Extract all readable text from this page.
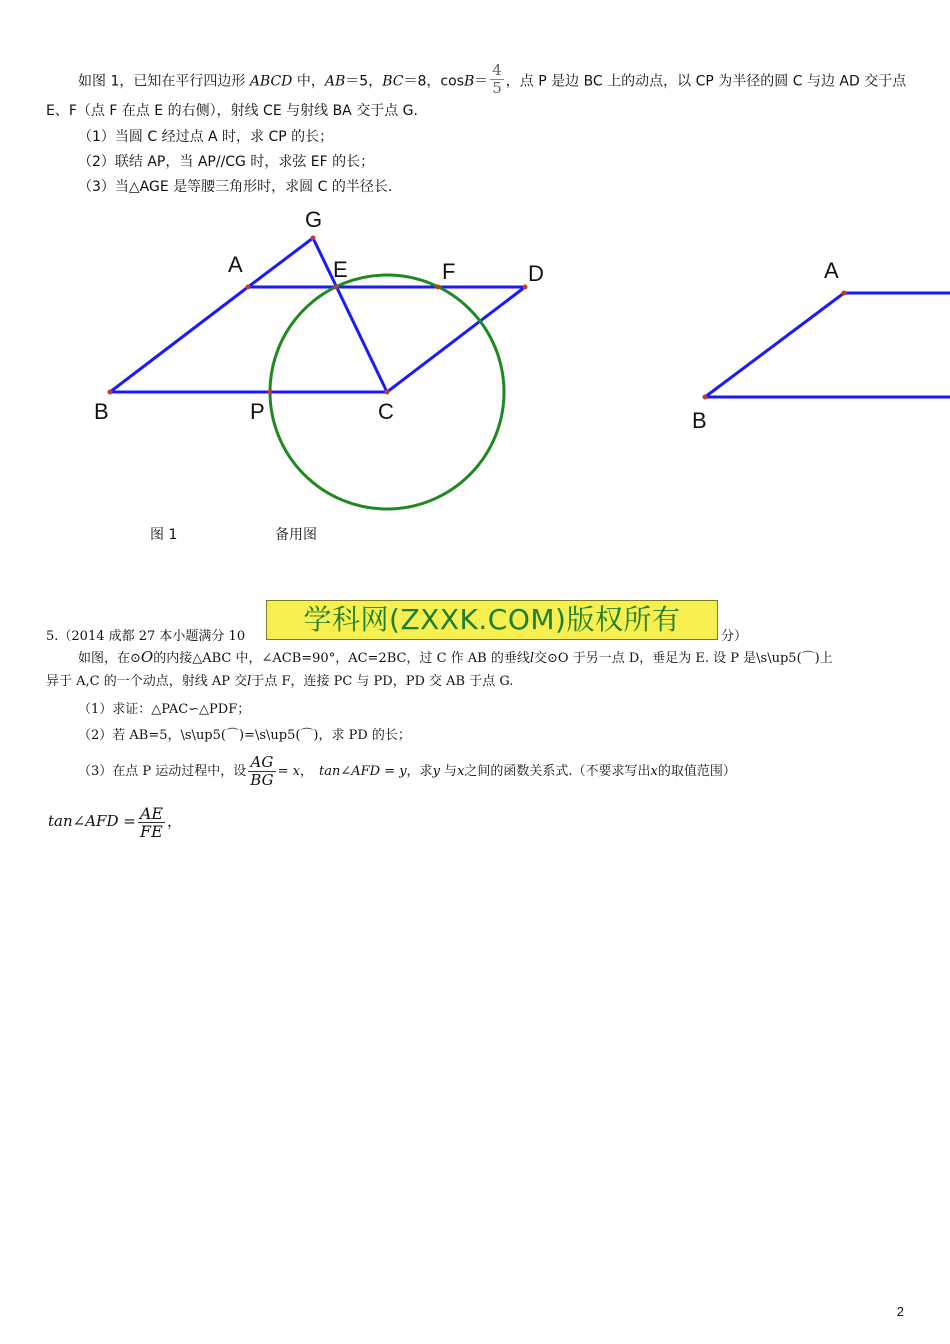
如图 1，已知在平行四边形 ABCD 中，AB＝5，BC＝8，$\cos B= \frac{4}{5}$ ，点 P 是边 BC 上的动点，以 CP 为半径的圆 C 与边 AD 交于点
E、F（点 F 在点 E 的右侧），射线 CE 与射线 BA 交于点 G.
（1）当圆 C 经过点 A 时，求 CP 的长；
（2）联结 AP，当 AP//CG 时，求弦 EF 的长；
（3）当△AGE 是等腰三角形时，求圆 C 的半径长.
G
A	E	F	D
B	P	C
A
B
图 1	备用图
5.（2014 成都 27 本小题满分 10	分）
学科网(ZXXK.COM)版权所有
如图，在⊙O的内接△ABC 中，∠ACB=90°，AC=2BC，过 C 作 AB 的垂线l交⊙O 于另一点 D，垂足为 E. 设 P 是\s\up5(⌒)上
异于 A,C 的一个动点，射线 AP 交l于点 F，连接 PC 与 PD，PD 交 AB 于点 G.
（1）求证：△PAC∽△PDF；
（2）若 AB=5，\s\up5(⌒)=\s\up5(⌒)，求 PD 的长；
（3）在点 P 运动过程中，设 $\frac{AG}{BG} = x$， tan∠AFD = y，求y 与x之间的函数关系式.（不要求写出x的取值范围）
tan∠AFD = $\frac{AE}{FE}$ ，
2
